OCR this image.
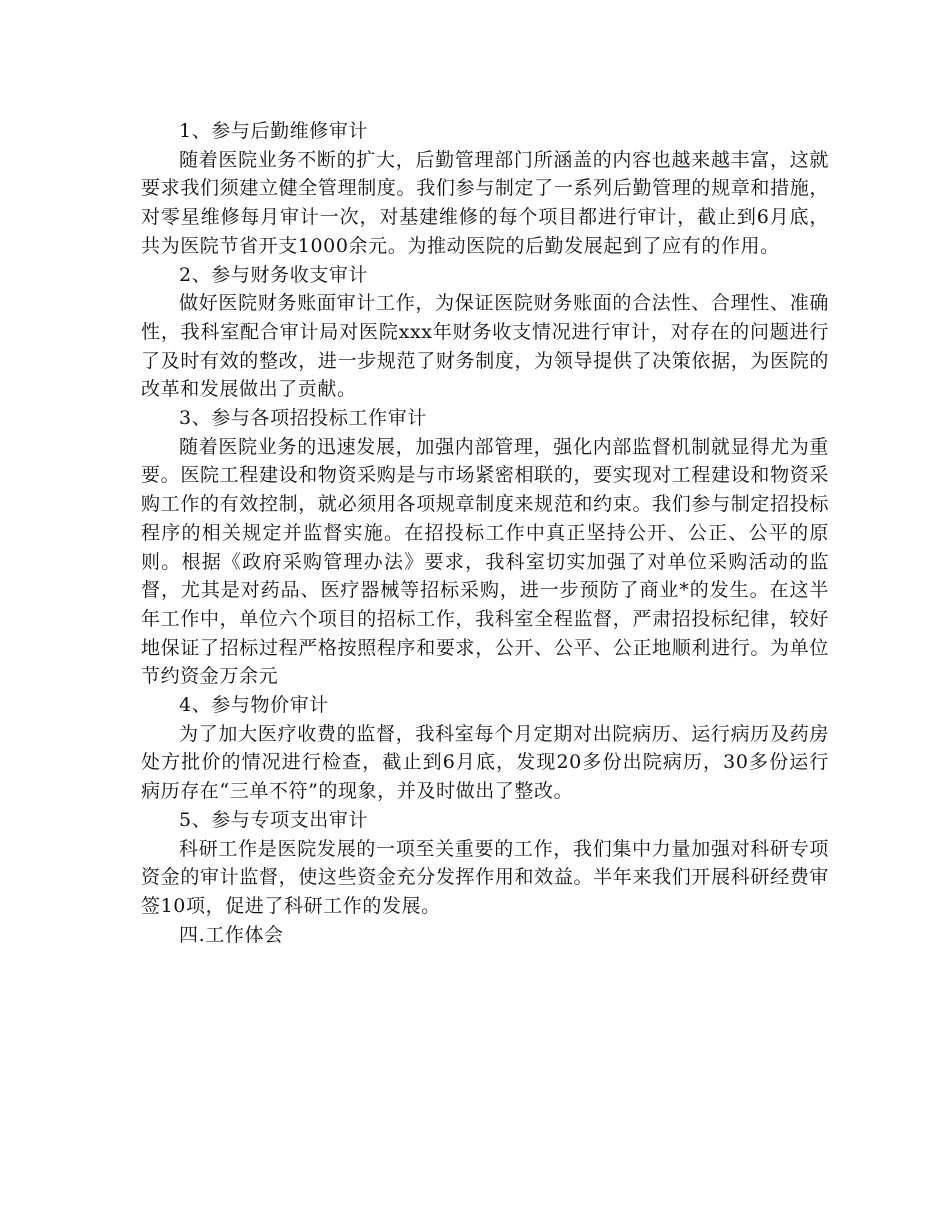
1、参与后勤维修审计

随着医院业务不断的扩大，后勤管理部门所涵盖的内容也越来越丰富，这就要求我们须建立健全管理制度。我们参与制定了一系列后勤管理的规章和措施，对零星维修每月审计一次，对基建维修的每个项目都进行审计，截止到6月底，共为医院节省开支1000余元。为推动医院的后勤发展起到了应有的作用。

2、参与财务收支审计

做好医院财务账面审计工作，为保证医院财务账面的合法性、合理性、准确性，我科室配合审计局对医院xxx年财务收支情况进行审计，对存在的问题进行了及时有效的整改，进一步规范了财务制度，为领导提供了决策依据，为医院的改革和发展做出了贡献。

3、参与各项招投标工作审计

随着医院业务的迅速发展，加强内部管理，强化内部监督机制就显得尤为重要。医院工程建设和物资采购是与市场紧密相联的，要实现对工程建设和物资采购工作的有效控制，就必须用各项规章制度来规范和约束。我们参与制定招投标程序的相关规定并监督实施。在招投标工作中真正坚持公开、公正、公平的原则。根据《政府采购管理办法》要求，我科室切实加强了对单位采购活动的监督，尤其是对药品、医疗器械等招标采购，进一步预防了商业*的发生。在这半年工作中，单位六个项目的招标工作，我科室全程监督，严肃招投标纪律，较好地保证了招标过程严格按照程序和要求，公开、公平、公正地顺利进行。为单位节约资金万余元

4、参与物价审计

为了加大医疗收费的监督，我科室每个月定期对出院病历、运行病历及药房处方批价的情况进行检查，截止到6月底，发现20多份出院病历，30多份运行病历存在“三单不符”的现象，并及时做出了整改。

5、参与专项支出审计

科研工作是医院发展的一项至关重要的工作，我们集中力量加强对科研专项资金的审计监督，使这些资金充分发挥作用和效益。半年来我们开展科研经费审签10项，促进了科研工作的发展。

四.工作体会
